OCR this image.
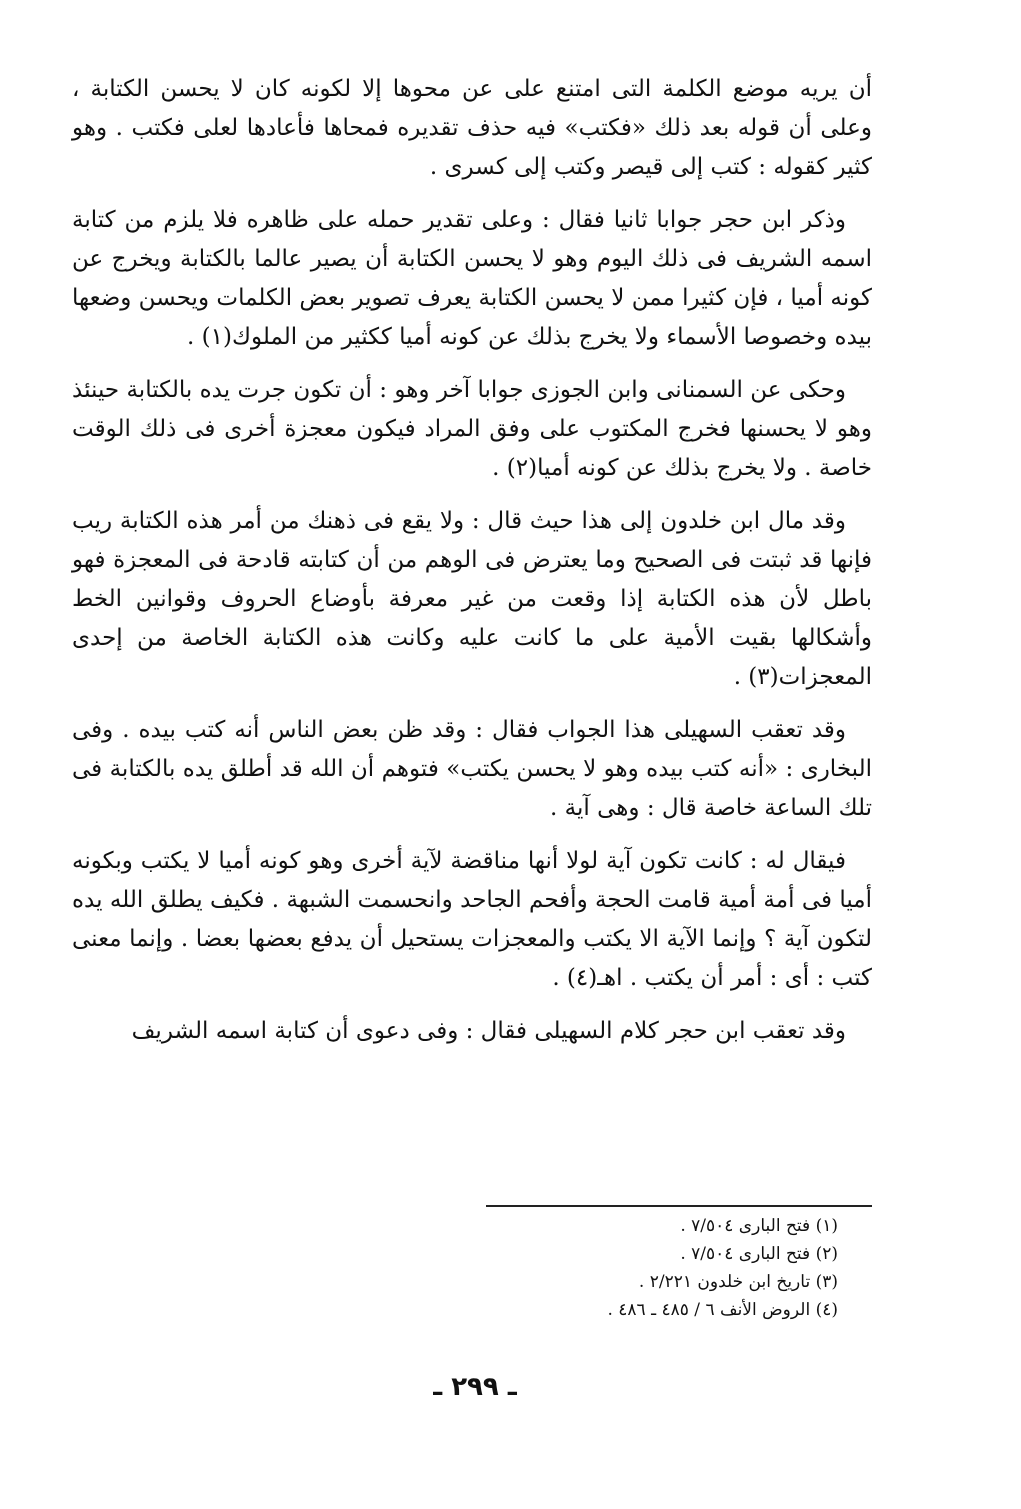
أن يريه موضع الكلمة التى امتنع على عن محوها إلا لكونه كان لا يحسن الكتابة ، وعلى أن قوله بعد ذلك «فكتب» فيه حذف تقديره فمحاها فأعادها لعلى فكتب . وهو كثير كقوله : كتب إلى قيصر وكتب إلى كسرى .

وذكر ابن حجر جوابا ثانيا فقال : وعلى تقدير حمله على ظاهره فلا يلزم من كتابة اسمه الشريف فى ذلك اليوم وهو لا يحسن الكتابة أن يصير عالما بالكتابة ويخرج عن كونه أميا ، فإن كثيرا ممن لا يحسن الكتابة يعرف تصوير بعض الكلمات ويحسن وضعها بيده وخصوصا الأسماء ولا يخرج بذلك عن كونه أميا ككثير من الملوك(١) .

وحكى عن السمنانى وابن الجوزى جوابا آخر وهو : أن تكون جرت يده بالكتابة حينئذ وهو لا يحسنها فخرج المكتوب على وفق المراد فيكون معجزة أخرى فى ذلك الوقت خاصة . ولا يخرج بذلك عن كونه أميا(٢) .

وقد مال ابن خلدون إلى هذا حيث قال : ولا يقع فى ذهنك من أمر هذه الكتابة ريب فإنها قد ثبتت فى الصحيح وما يعترض فى الوهم من أن كتابته قادحة فى المعجزة فهو باطل لأن هذه الكتابة إذا وقعت من غير معرفة بأوضاع الحروف وقوانين الخط وأشكالها بقيت الأمية على ما كانت عليه وكانت هذه الكتابة الخاصة من إحدى المعجزات(٣) .

وقد تعقب السهيلى هذا الجواب فقال : وقد ظن بعض الناس أنه كتب بيده . وفى البخارى : «أنه كتب بيده وهو لا يحسن يكتب» فتوهم أن الله قد أطلق يده بالكتابة فى تلك الساعة خاصة قال : وهى آية .

فيقال له : كانت تكون آية لولا أنها مناقضة لآية أخرى وهو كونه أميا لا يكتب وبكونه أميا فى أمة أمية قامت الحجة وأفحم الجاحد وانحسمت الشبهة . فكيف يطلق الله يده لتكون آية ؟ وإنما الآية الا يكتب والمعجزات يستحيل أن يدفع بعضها بعضا . وإنما معنى كتب : أى : أمر أن يكتب . اهـ(٤) .

وقد تعقب ابن حجر كلام السهيلى فقال : وفى دعوى أن كتابة اسمه الشريف

(١) فتح البارى ٧/٥٠٤ .
(٢) فتح البارى ٧/٥٠٤ .
(٣) تاريخ ابن خلدون ٢/٢٢١ .
(٤) الروض الأنف ٦ / ٤٨٥ ـ ٤٨٦ .
ـ ٢٩٩ ـ
